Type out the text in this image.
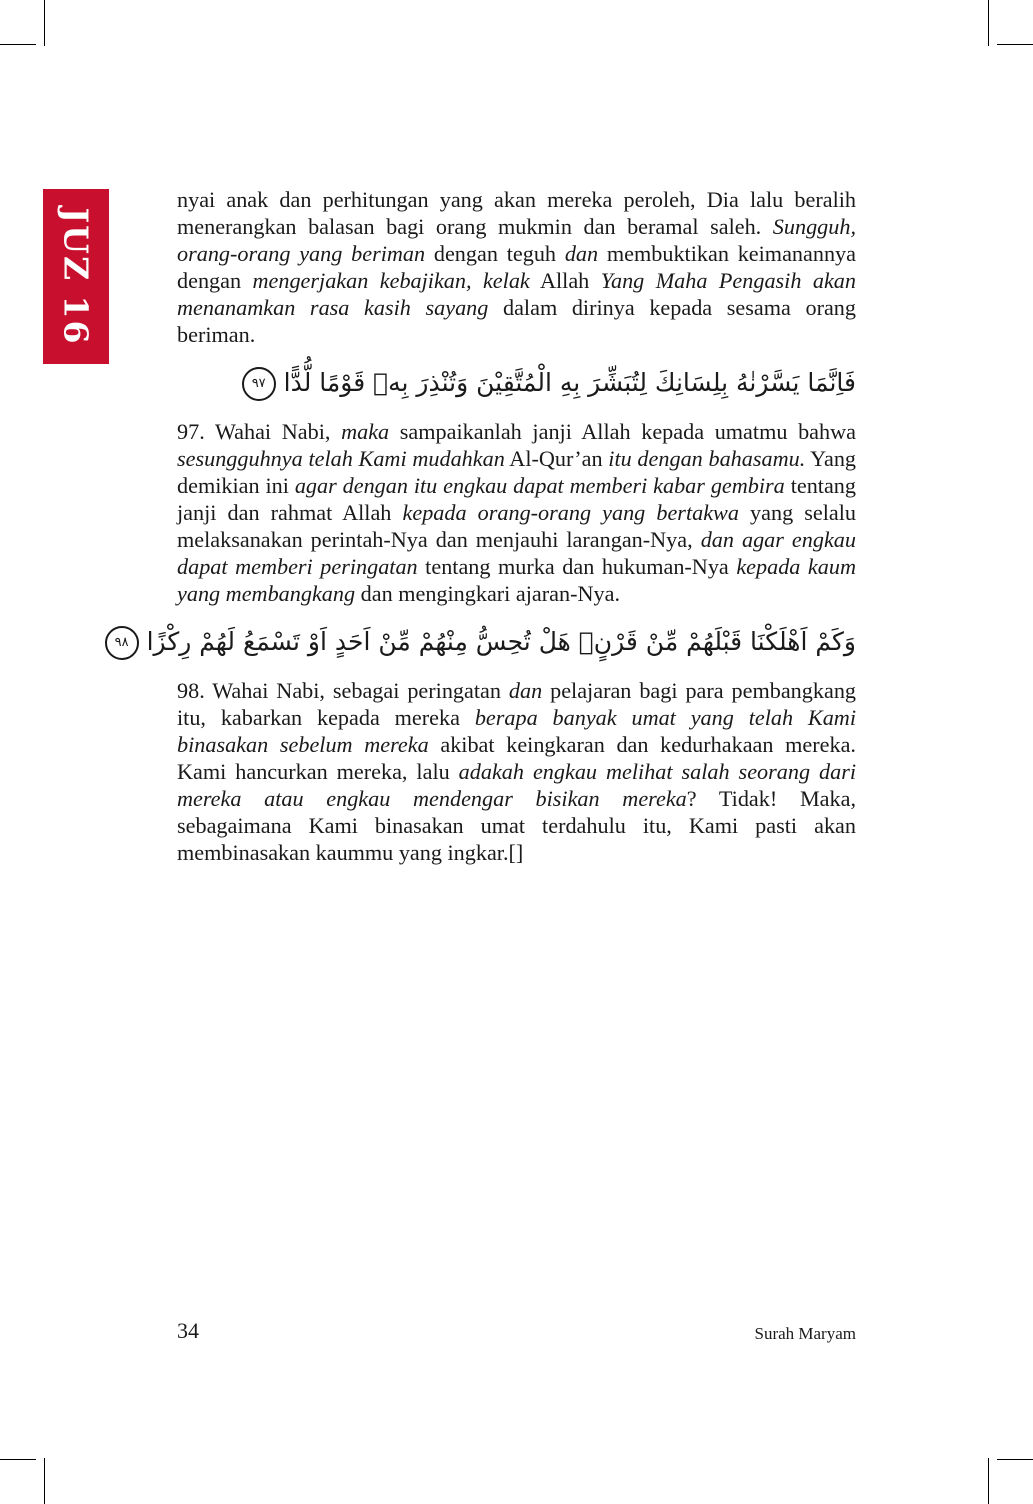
JUZ 16

nyai anak dan perhitungan yang akan mereka peroleh, Dia lalu beralih menerangkan balasan bagi orang mukmin dan beramal saleh. Sungguh, orang-orang yang beriman dengan teguh dan membuktikan keimanannya dengan mengerjakan kebajikan, kelak Allah Yang Maha Pengasih akan menanamkan rasa kasih sayang dalam dirinya kepada sesama orang beriman.

فَاِنَّمَا يَسَّرْنٰهُ بِلِسَانِكَ لِتُبَشِّرَ بِهِ الْمُتَّقِيْنَ وَتُنْذِرَ بِهٖ قَوْمًا لُّدًّا ٩٧

97. Wahai Nabi, maka sampaikanlah janji Allah kepada umatmu bahwa sesungguhnya telah Kami mudahkan Al-Qur’an itu dengan bahasamu. Yang demikian ini agar dengan itu engkau dapat memberi kabar gembira tentang janji dan rahmat Allah kepada orang-orang yang bertakwa yang selalu melaksanakan perintah-Nya dan menjauhi larangan-Nya, dan agar engkau dapat memberi peringatan tentang murka dan hukuman-Nya kepada kaum yang membangkang dan mengingkari ajaran-Nya.

وَكَمْ اَهْلَكْنَا قَبْلَهُمْ مِّنْ قَرْنٍۗ هَلْ تُحِسُّ مِنْهُمْ مِّنْ اَحَدٍ اَوْ تَسْمَعُ لَهُمْ رِكْزًا ٩٨

98. Wahai Nabi, sebagai peringatan dan pelajaran bagi para pembangkang itu, kabarkan kepada mereka berapa banyak umat yang telah Kami binasakan sebelum mereka akibat keingkaran dan kedurhakaan mereka. Kami hancurkan mereka, lalu adakah engkau melihat salah seorang dari mereka atau engkau mendengar bisikan mereka? Tidak! Maka, sebagaimana Kami binasakan umat terdahulu itu, Kami pasti akan membinasakan kaummu yang ingkar.[]

34	Surah Maryam
